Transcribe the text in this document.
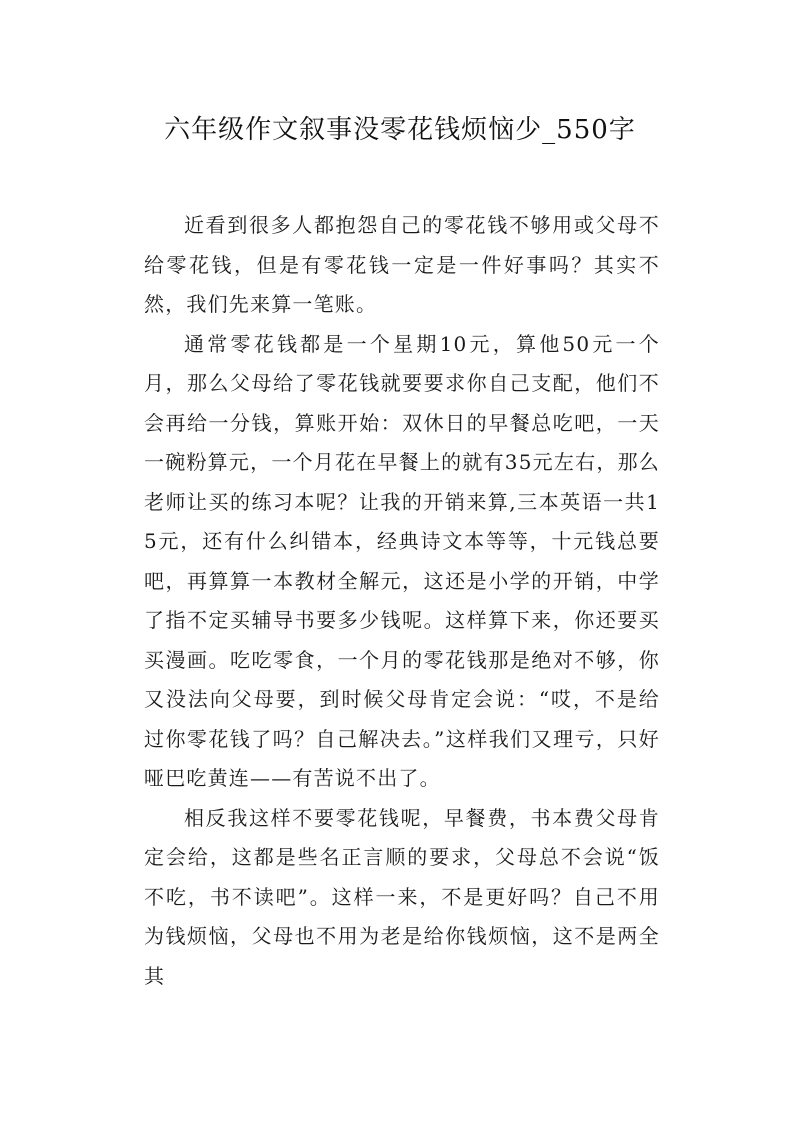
六年级作文叙事没零花钱烦恼少_550字

近看到很多人都抱怨自己的零花钱不够用或父母不给零花钱，但是有零花钱一定是一件好事吗？其实不然，我们先来算一笔账。

通常零花钱都是一个星期10元，算他50元一个月，那么父母给了零花钱就要要求你自己支配，他们不会再给一分钱，算账开始：双休日的早餐总吃吧，一天一碗粉算元，一个月花在早餐上的就有35元左右，那么老师让买的练习本呢？让我的开销来算,三本英语一共15元，还有什么纠错本，经典诗文本等等，十元钱总要吧，再算算一本教材全解元，这还是小学的开销，中学了指不定买辅导书要多少钱呢。这样算下来，你还要买买漫画。吃吃零食，一个月的零花钱那是绝对不够，你又没法向父母要，到时候父母肯定会说：“哎，不是给过你零花钱了吗？自己解决去。”这样我们又理亏，只好哑巴吃黄连——有苦说不出了。

相反我这样不要零花钱呢，早餐费，书本费父母肯定会给，这都是些名正言顺的要求，父母总不会说“饭不吃，书不读吧”。这样一来，不是更好吗？自己不用为钱烦恼，父母也不用为老是给你钱烦恼，这不是两全其
